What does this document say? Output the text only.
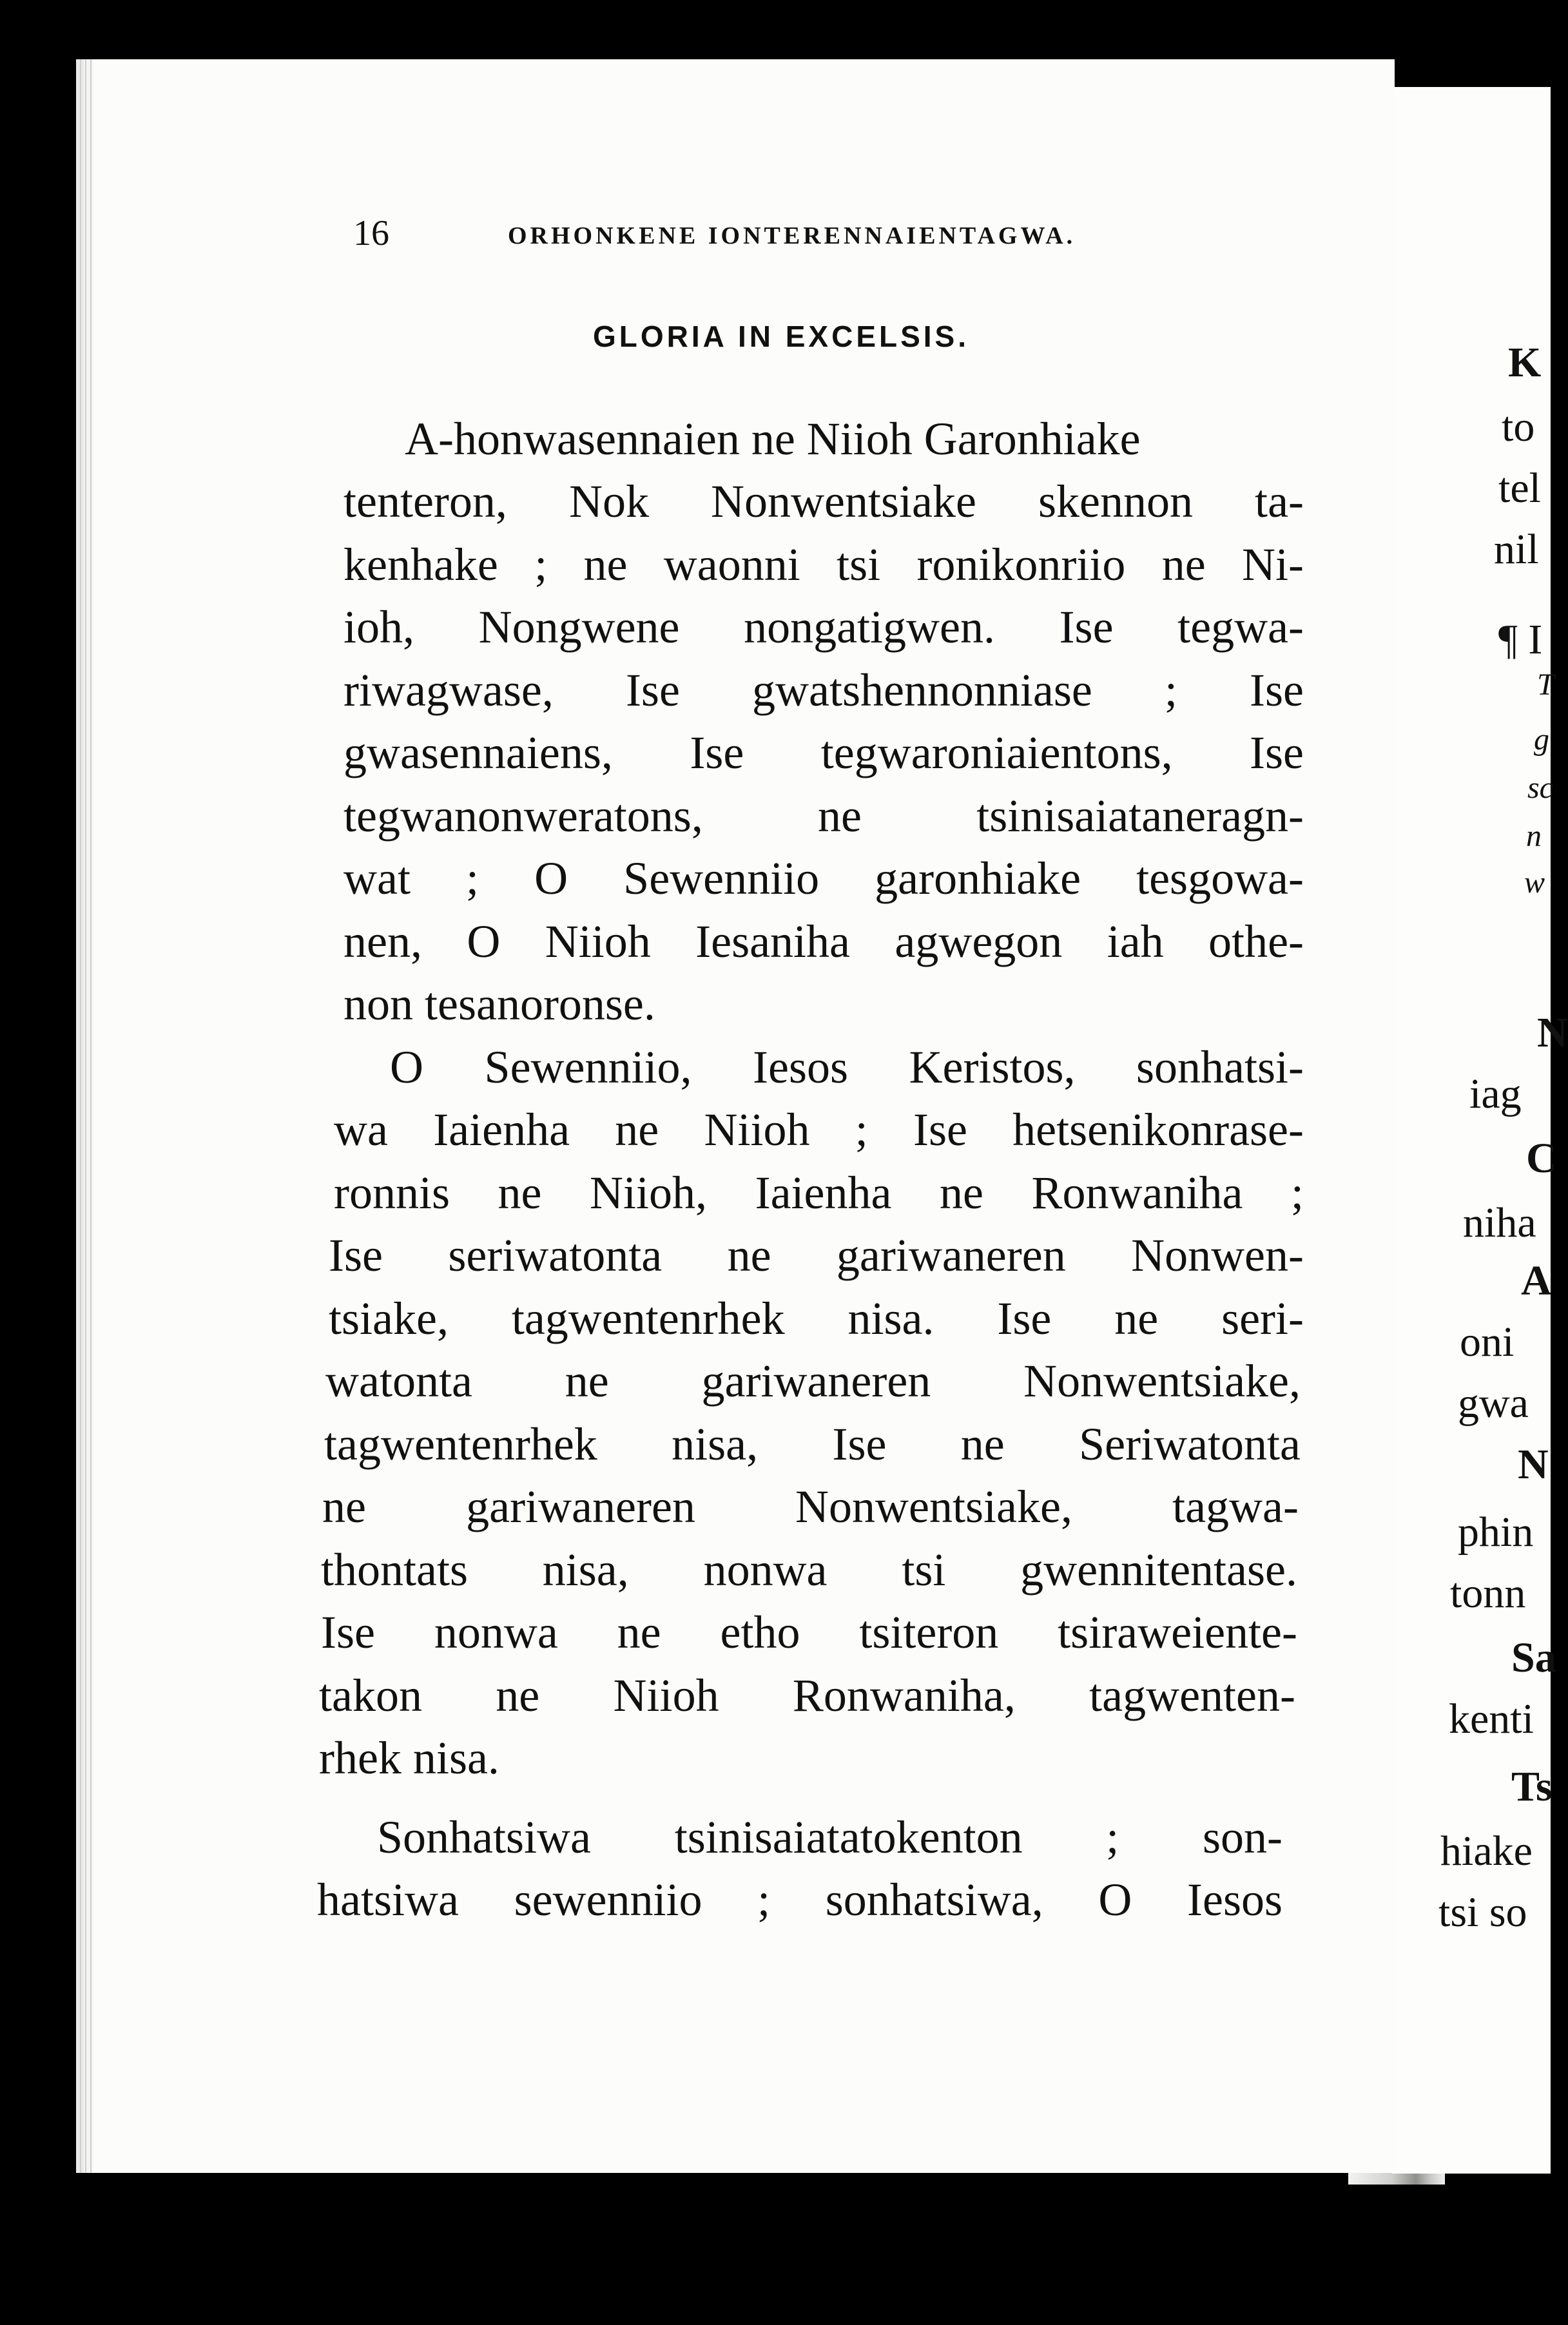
16	ORHONKENE IONTERENNAIENTAGWA.
GLORIA IN EXCELSIS.
A-honwasennaien ne Niioh Garonhiake
tenteron, Nok Nonwentsiake skennon ta-
kenhake ; ne waonni tsi ronikonriio ne Ni-
ioh, Nongwene nongatigwen. Ise tegwa-
riwagwase, Ise gwatshennonniase ; Ise
gwasennaiens, Ise tegwaroniaientons, Ise
tegwanonweratons, ne tsinisaiataneragn-
wat ; O Sewenniio garonhiake tesgowa-
nen, O Niioh Iesaniha agwegon iah othe-
non tesanoronse.
O Sewenniio, Iesos Keristos, sonhatsi-
wa Iaienha ne Niioh ; Ise hetsenikonrase-
ronnis ne Niioh, Iaienha ne Ronwaniha ;
Ise seriwatonta ne gariwaneren Nonwen-
tsiake, tagwentenrhek nisa. Ise ne seri-
watonta ne gariwaneren Nonwentsiake,
tagwentenrhek nisa, Ise ne Seriwatonta
ne gariwaneren Nonwentsiake, tagwa-
thontats nisa, nonwa tsi gwennitentase.
Ise nonwa ne etho tsiteron tsiraweiente-
takon ne Niioh Ronwaniha, tagwenten-
rhek nisa.
Sonhatsiwa tsinisaiatatokenton ; son-
hatsiwa sewenniio ; sonhatsiwa, O Iesos
K
to
tel
nil
¶ I
T
g
sc
n
w
N
iag
C
niha
A
oni
gwa
N
phin
tonn
Sa
kenti
Ts
hiake
tsi so
